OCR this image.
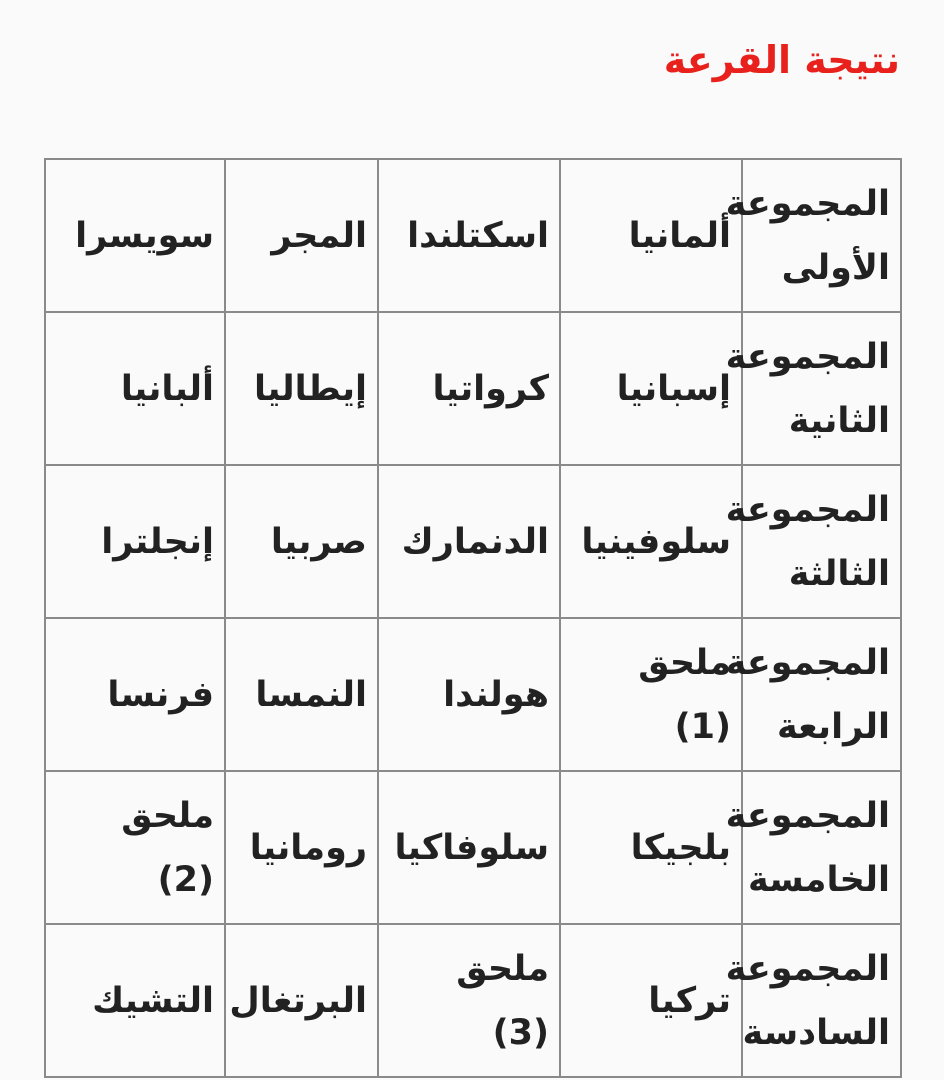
نتيجة القرعة
المجموعة الأولى	ألمانيا	اسكتلندا	المجر	سويسرا
المجموعة الثانية	إسبانيا	كرواتيا	إيطاليا	ألبانيا
المجموعة الثالثة	سلوفينيا	الدنمارك	صربيا	إنجلترا
المجموعة الرابعة	ملحق (1)	هولندا	النمسا	فرنسا
المجموعة الخامسة	بلجيكا	سلوفاكيا	رومانيا	ملحق (2)
المجموعة السادسة	تركيا	ملحق (3)	البرتغال	التشيك
